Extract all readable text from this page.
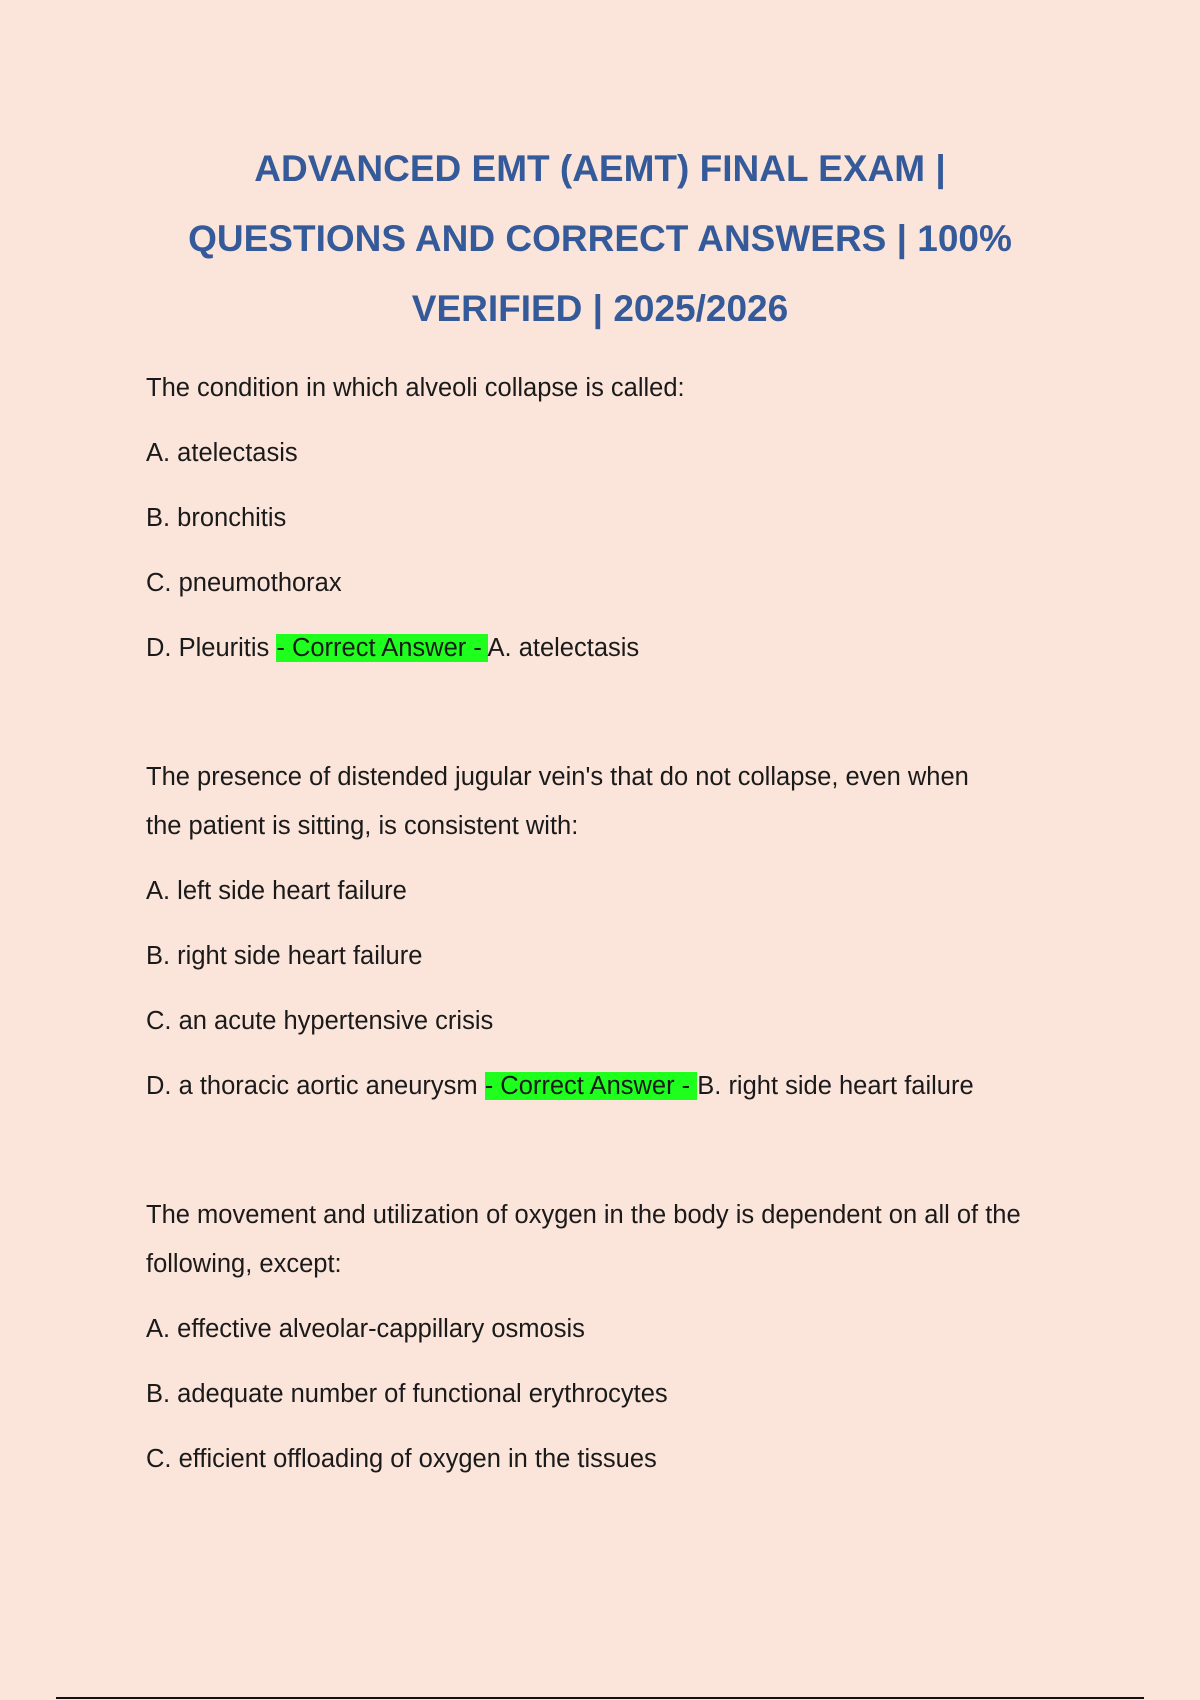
ADVANCED EMT (AEMT) FINAL EXAM |
QUESTIONS AND CORRECT ANSWERS | 100%
VERIFIED | 2025/2026

The condition in which alveoli collapse is called:

A. atelectasis

B. bronchitis

C. pneumothorax

D. Pleuritis - Correct Answer - A. atelectasis

The presence of distended jugular vein's that do not collapse, even when the patient is sitting, is consistent with:

A. left side heart failure

B. right side heart failure

C. an acute hypertensive crisis

D. a thoracic aortic aneurysm - Correct Answer - B. right side heart failure

The movement and utilization of oxygen in the body is dependent on all of the following, except:

A. effective alveolar-cappillary osmosis

B. adequate number of functional erythrocytes

C. efficient offloading of oxygen in the tissues
